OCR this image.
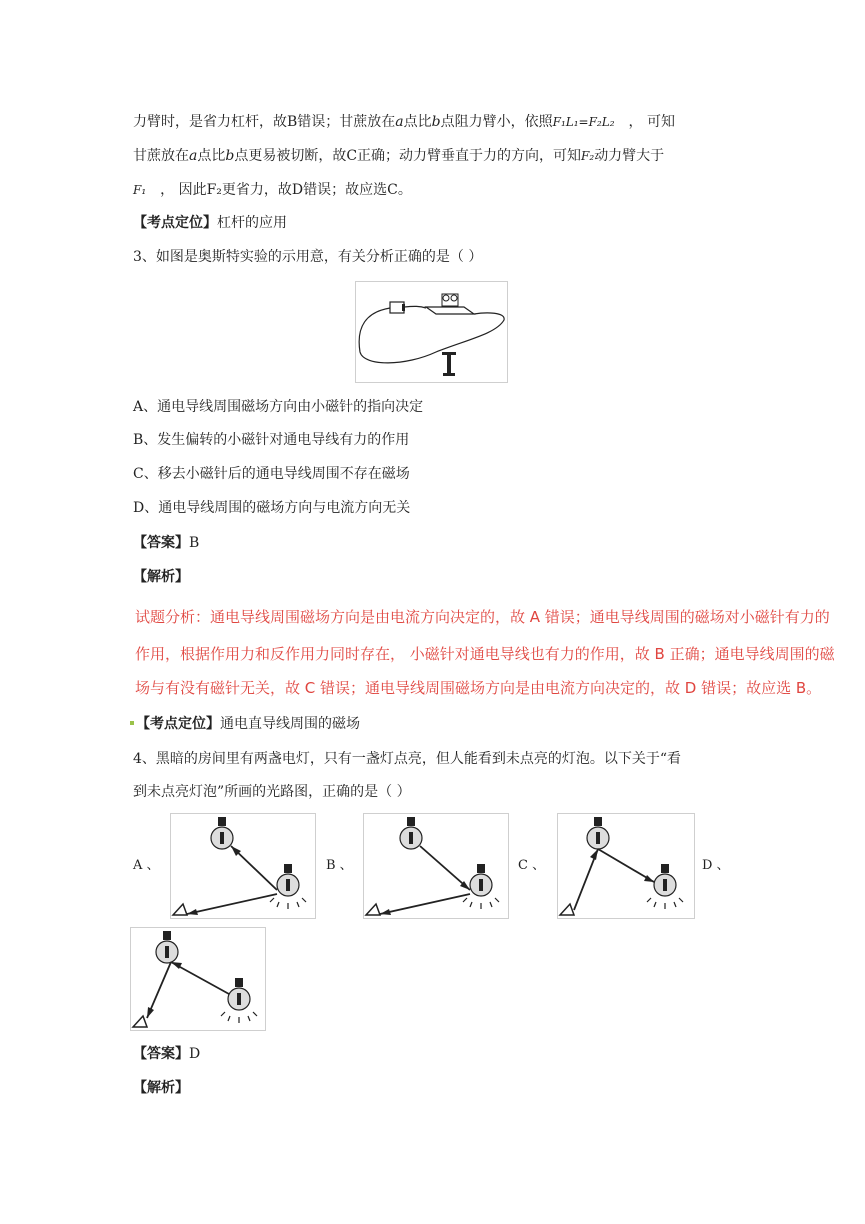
力臂时，是省力杠杆，故B错误；甘蔗放在a点比b点阻力臂小，依照F₁L₁=F₂L₂ ， 可知
甘蔗放在a点比b点更易被切断，故C正确；动力臂垂直于力的方向，可知F₂动力臂大于
F₁ ， 因此F₂更省力，故D错误；故应选C。
【考点定位】杠杆的应用
3、如图是奥斯特实验的示用意，有关分析正确的是（ ）
A、通电导线周围磁场方向由小磁针的指向决定
B、发生偏转的小磁针对通电导线有力的作用
C、移去小磁针后的通电导线周围不存在磁场
D、通电导线周围的磁场方向与电流方向无关
【答案】B
【解析】
试题分析：通电导线周围磁场方向是由电流方向决定的，故 A 错误；通电导线周围的磁场对小磁针有力的
作用，根据作用力和反作用力同时存在， 小磁针对通电导线也有力的作用，故 B 正确；通电导线周围的磁
场与有没有磁针无关，故 C 错误；通电导线周围磁场方向是由电流方向决定的，故 D 错误；故应选 B。
【考点定位】通电直导线周围的磁场
4、黑暗的房间里有两盏电灯，只有一盏灯点亮，但人能看到未点亮的灯泡。以下关于“看
到未点亮灯泡”所画的光路图，正确的是（ ）
A 、	B 、	C 、	D 、
【答案】D
【解析】
